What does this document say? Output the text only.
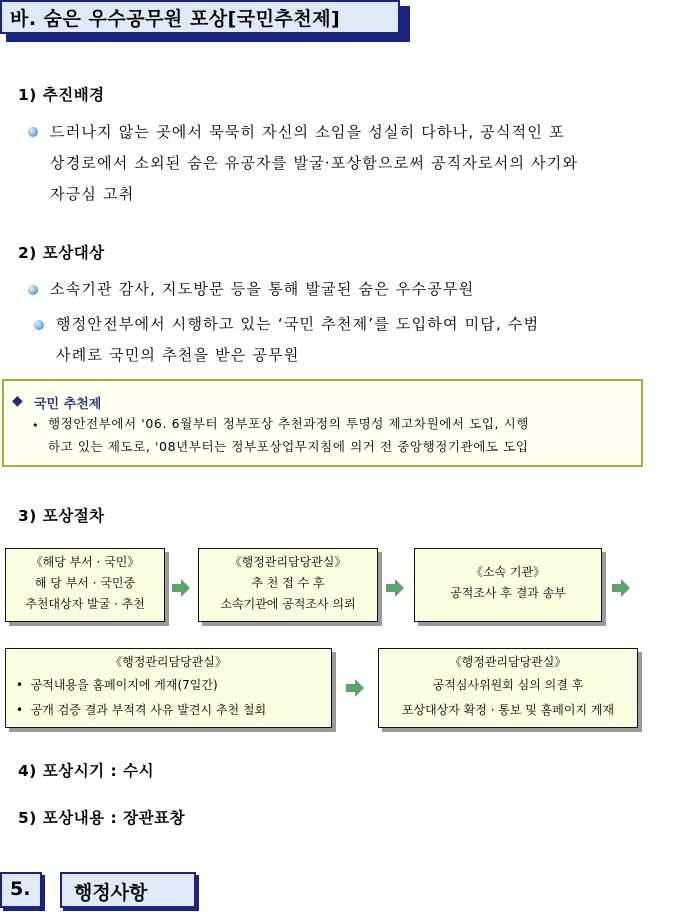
바. 숨은 우수공무원 포상[국민추천제]
1) 추진배경
드러나지 않는 곳에서 묵묵히 자신의 소임을 성실히 다하나, 공식적인 포
상경로에서 소외된 숨은 유공자를 발굴·포상함으로써 공직자로서의 사기와
자긍심 고취
2) 포상대상
소속기관 감사, 지도방문 등을 통해 발굴된 숨은 우수공무원
행정안전부에서 시행하고 있는 ‘국민 추천제’를 도입하여 미담, 수범
사례로 국민의 추천을 받은 공무원
◆ 국민 추천제
• 행정안전부에서 '06. 6월부터 정부포상 추천과정의 투명성 제고차원에서 도입, 시행
하고 있는 제도로, '08년부터는 정부포상업무지침에 의거 전 중앙행정기관에도 도입
3) 포상절차
《해당 부서 · 국민》
해 당 부서 · 국민중
추천대상자 발굴 · 추천
《행정관리담당관실》
추 천 접 수 후
소속기관에 공적조사 의뢰
《소속 기관》
공적조사 후 결과 송부
《행정관리담당관실》
•  공적내용을 홈페이지에 게재(7일간)
•  공개 검증 결과 부적격 사유 발견시 추천 철회
《행정관리담당관실》
공적심사위원회 심의 의결 후
포상대상자 확정 · 통보 및 홈페이지 게재
4) 포상시기 : 수시
5) 포상내용 : 장관표창
5. 행정사항
